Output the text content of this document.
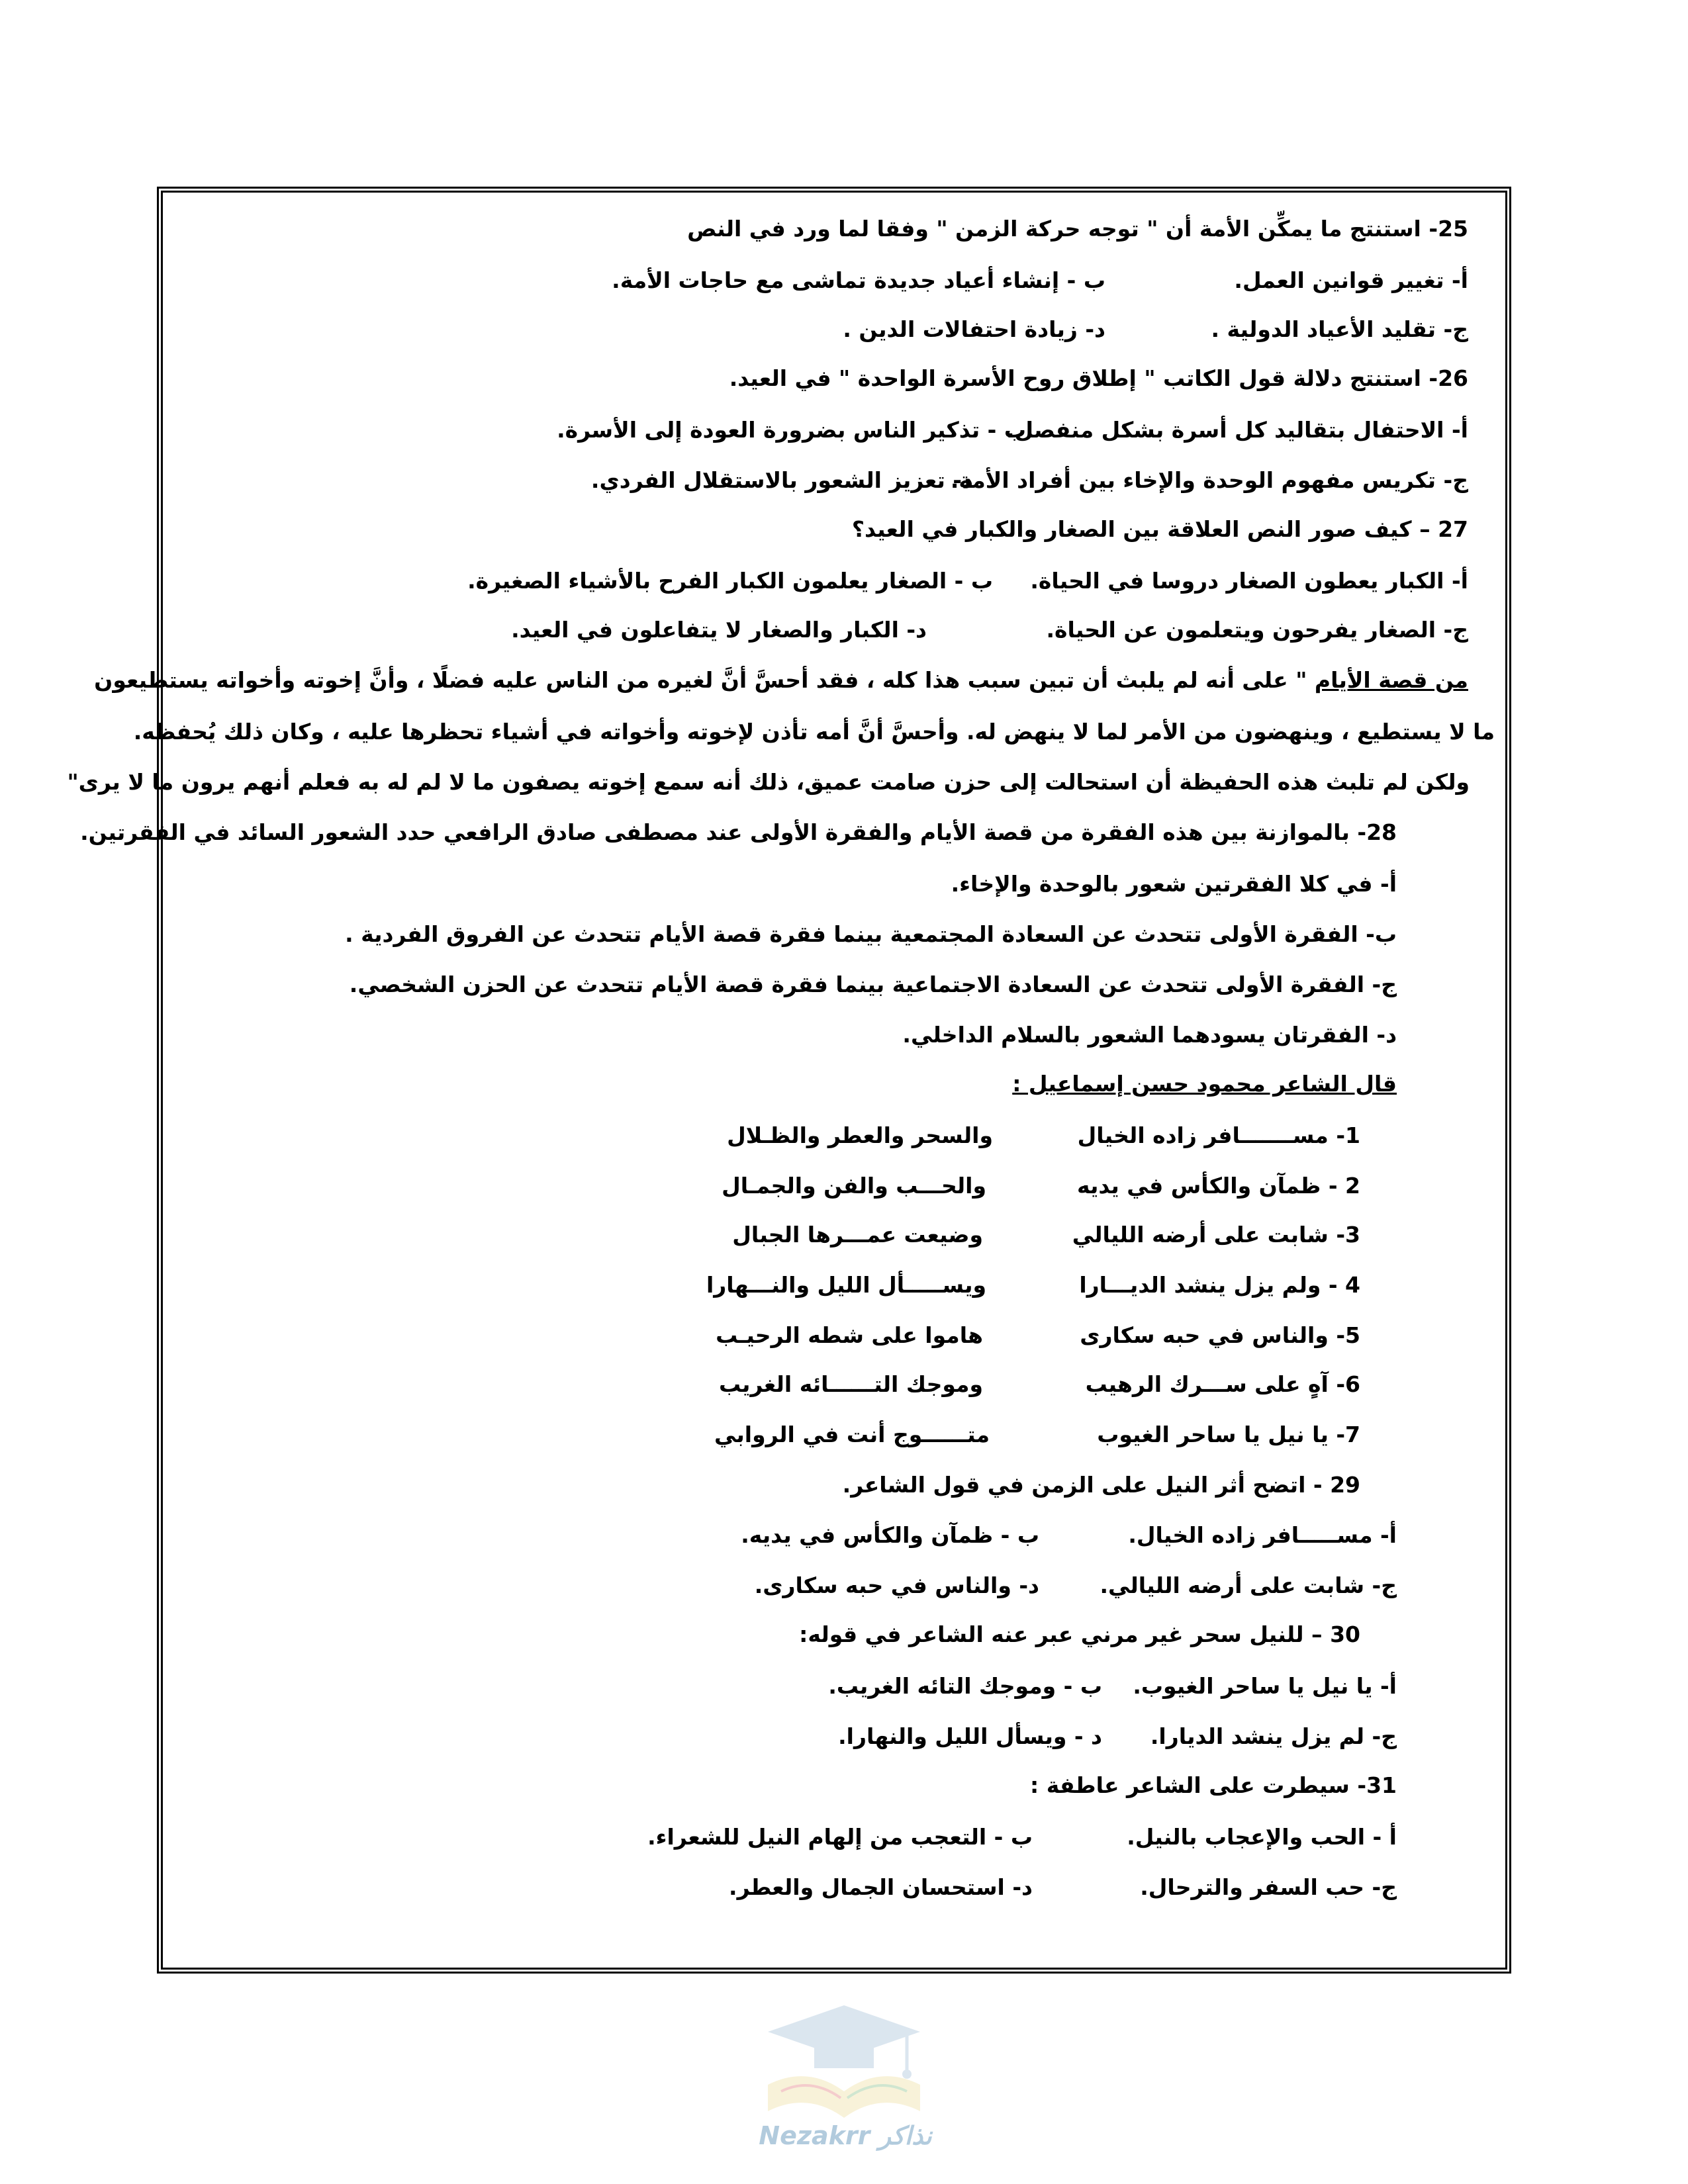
25- استنتج ما يمكِّن الأمة أن " توجه حركة الزمن " وفقا لما ورد في النص
أ- تغيير قوانين العمل.
ب - إنشاء أعياد جديدة تماشى مع حاجات الأمة.
ج- تقليد الأعياد الدولية .
د- زيادة احتفالات الدين .
26- استنتج دلالة قول الكاتب " إطلاق روح الأسرة الواحدة " في العيد.
أ- الاحتفال بتقاليد كل أسرة بشكل منفصل.
ب - تذكير الناس بضرورة العودة إلى الأسرة.
ج- تكريس مفهوم الوحدة والإخاء بين أفراد الأمة.
د- تعزيز الشعور بالاستقلال الفردي.
27 – كيف صور النص العلاقة بين الصغار والكبار في العيد؟
أ- الكبار يعطون الصغار دروسا في الحياة.
ب - الصغار يعلمون الكبار الفرح بالأشياء الصغيرة.
ج- الصغار يفرحون ويتعلمون عن الحياة.
د- الكبار والصغار لا يتفاعلون في العيد.
من قصة الأيام " على أنه لم يلبث أن تبين سبب هذا كله ، فقد أحسَّ أنَّ لغيره من الناس عليه فضلًا ، وأنَّ إخوته وأخواته يستطيعون
ما لا يستطيع ، وينهضون من الأمر لما لا ينهض له. وأحسَّ أنَّ أمه تأذن لإخوته وأخواته في أشياء تحظرها عليه ، وكان ذلك يُحفظه.
ولكن لم تلبث هذه الحفيظة أن استحالت إلى حزن صامت عميق، ذلك أنه سمع إخوته يصفون ما لا لم له به فعلم أنهم يرون ما لا يرى"
28- بالموازنة بين هذه الفقرة من قصة الأيام والفقرة الأولى عند مصطفى صادق الرافعي حدد الشعور السائد في الفقرتين.
أ- في كلا الفقرتين شعور بالوحدة والإخاء.
ب- الفقرة الأولى تتحدث عن السعادة المجتمعية بينما فقرة قصة الأيام تتحدث عن الفروق الفردية .
ج- الفقرة الأولى تتحدث عن السعادة الاجتماعية بينما فقرة قصة الأيام تتحدث عن الحزن الشخصي.
د- الفقرتان يسودهما الشعور بالسلام الداخلي.
قال الشاعر محمود حسن إسماعيل :
1- مســـــــافر زاده الخيال
والسحر والعطر والظـلال
2 - ظمآن والكأس في يديه
والحـــب والفن والجمـال
3- شابت على أرضه الليالي
وضيعت عمـــرها الجبال
4 - ولم يزل ينشد الديـــارا
ويســـــأل الليل والنـــهارا
5- والناس في حبه سكارى
هاموا على شطه الرحيـب
6- آهٍ على ســـرك الرهيب
وموجك التــــــائه الغريب
7- يا نيل يا ساحر الغيوب
متــــــوج أنت في الروابي
29 - اتضح أثر النيل على الزمن في قول الشاعر.
أ- مســـــافر زاده الخيال.
ب - ظمآن والكأس في يديه.
ج- شابت على أرضه الليالي.
د- والناس في حبه سكارى.
30 – للنيل سحر غير مرني عبر عنه الشاعر في قوله:
أ- يا نيل يا ساحر الغيوب.
ب - وموجك التائه الغريب.
ج- لم يزل ينشد الديارا.
د - ويسأل الليل والنهارا.
31- سيطرت على الشاعر عاطفة :
أ - الحب والإعجاب بالنيل.
ب - التعجب من إلهام النيل للشعراء.
ج- حب السفر والترحال.
د- استحسان الجمال والعطر.
Nezakrr نذاكر
